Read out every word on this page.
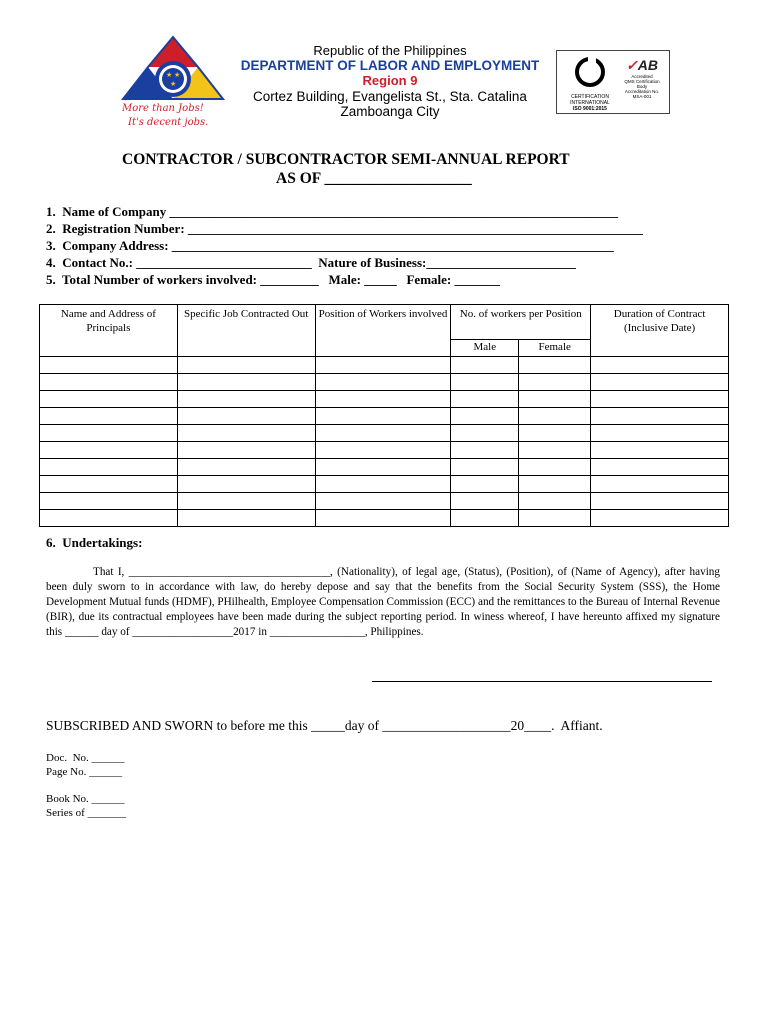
★ ★
★
More than Jobs!
It's decent jobs.
Republic of the Philippines
DEPARTMENT OF LABOR AND EMPLOYMENT
Region 9
Cortez Building, Evangelista St., Sta. Catalina
Zamboanga City
CERTIFICATION
INTERNATIONAL
ISO 9001:2015
✓AB
Accredited
QMS Certification Body
Accreditation No.
MSA-001
CONTRACTOR / SUBCONTRACTOR SEMI-ANNUAL REPORT
AS OF ___________________
1.  Name of Company _____________________________________________________________________
2.  Registration Number: ______________________________________________________________________
3.  Company Address: ____________________________________________________________________
4.  Contact No.: ___________________________  Nature of Business:_______________________
5.  Total Number of workers involved: _________   Male: _____   Female: _______
Name and Address of Principals	Specific Job Contracted Out	Position of Workers involved	No. of workers per Position		Duration of Contract (Inclusive Date)
			Male	Female	

6.  Undertakings:
That I, ____________________________________, (Nationality), of legal age, (Status), (Position), of (Name of Agency), after having been duly sworn to in accordance with law, do hereby depose and say that the benefits from the Social Security System (SSS), the Home Development Mutual funds (HDMF), PHilhealth, Employee Compensation Commission (ECC) and the remittances to the Bureau of Internal Revenue (BIR), due its contractual employees have been made during the subject reporting period. In winess whereof, I have hereunto affixed my signature this ______ day of __________________2017 in _________________, Philippines.
SUBSCRIBED AND SWORN to before me this _____day of ___________________20____.  Affiant.
Doc.  No. ______
Page No. ______
Book No. ______
Series of _______
